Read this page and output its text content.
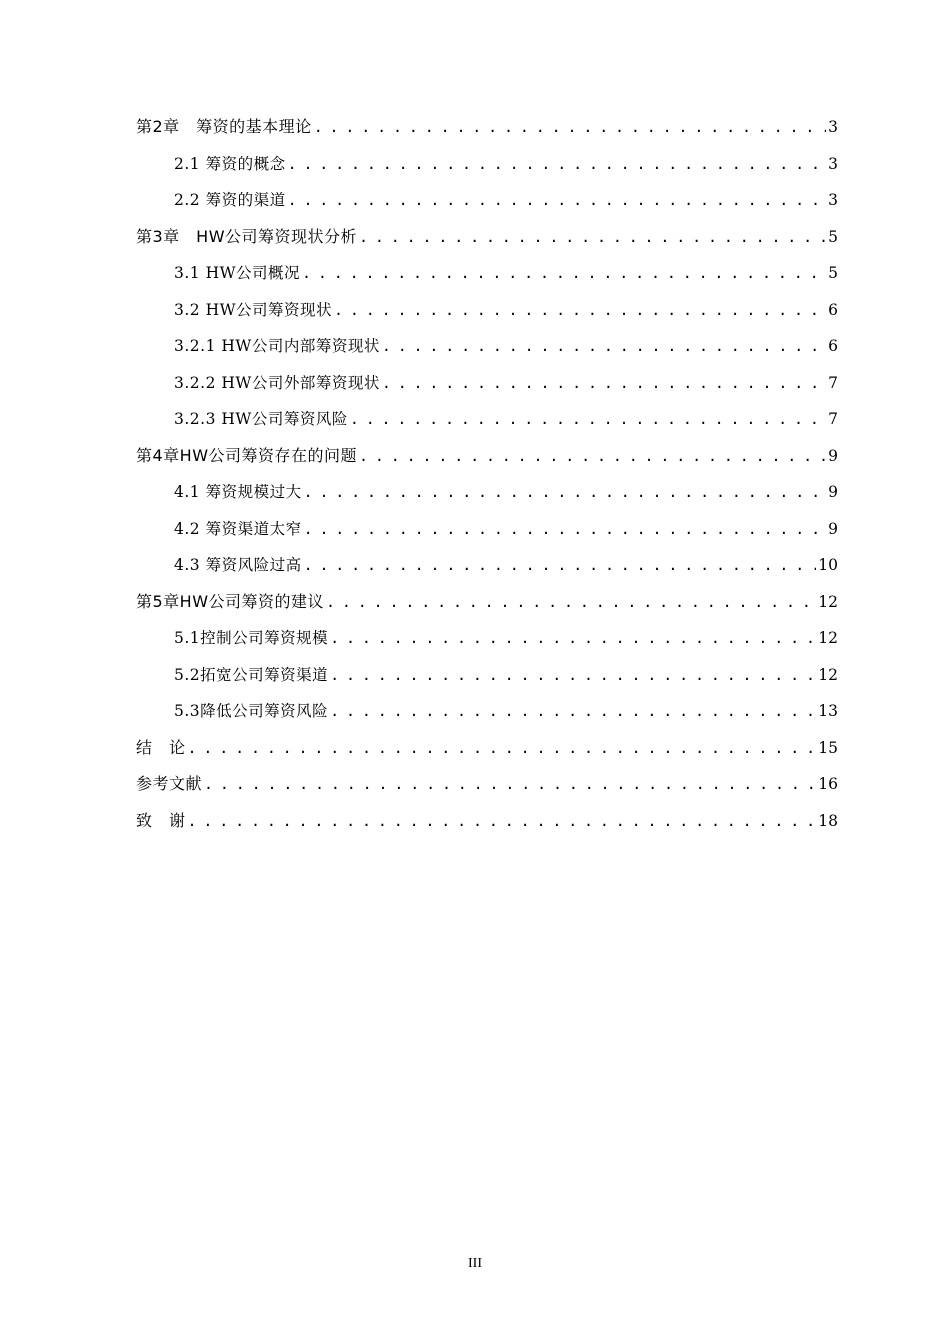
第2章　筹资的基本理论 . . .	3
2.1 筹资的概念 . . .	3
2.2 筹资的渠道 . . .	3
第3章　HW公司筹资现状分析 . . .	5
3.1 HW公司概况 . . .	5
3.2 HW公司筹资现状 . . .	6
3.2.1 HW公司内部筹资现状 . . .	6
3.2.2 HW公司外部筹资现状 . . .	7
3.2.3 HW公司筹资风险 . . .	7
第4章HW公司筹资存在的问题 . . .	9
4.1 筹资规模过大 . . .	9
4.2 筹资渠道太窄 . . .	9
4.3 筹资风险过高 . . .	10
第5章HW公司筹资的建议 . . .	12
5.1控制公司筹资规模 . . .	12
5.2拓宽公司筹资渠道 . . .	12
5.3降低公司筹资风险 . . .	13
结　论 . . .	15
参考文献 . . .	16
致　谢 . . .	18
III
